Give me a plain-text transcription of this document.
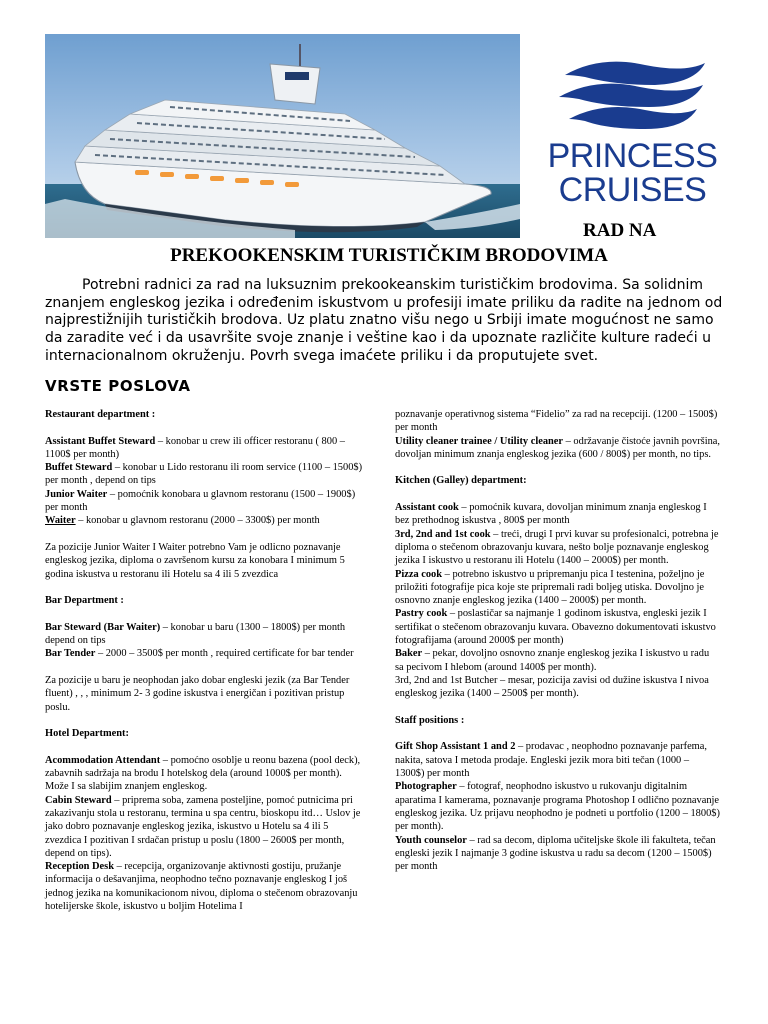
PRINCESS
CRUISES
RAD NA
PREKOOKENSKIM TURISTIČKIM BRODOVIMA

Potrebni radnici za rad na luksuznim prekookeanskim turističkim brodovima. Sa solidnim znanjem engleskog jezika i određenim iskustvom u profesiji imate priliku da radite na jednom od najprestižnijih turističkih brodova. Uz platu znatno višu nego u Srbiji imate mogućnost ne samo da zaradite već i da usavršite svoje znanje i veštine kao i da upoznate različite kulture radeći u internacionalnom okruženju. Povrh svega imaćete priliku i da proputujete svet.

VRSTE POSLOVA

Restaurant department :

Assistant Buffet Steward – konobar u crew ili officer restoranu ( 800 – 1100$ per month)

Buffet Steward – konobar u Lido restoranu ili room service (1100 – 1500$) per month , depend on tips

Junior Waiter – pomoćnik konobara u glavnom restoranu (1500 – 1900$) per month

Waiter – konobar u glavnom restoranu (2000 – 3300$) per month

Za pozicije Junior Waiter I Waiter potrebno Vam je odlicno poznavanje engleskog jezika, diploma o završenom kursu za konobara I minimum 5 godina iskustva u restoranu ili Hotelu sa 4 ili 5 zvezdica

Bar Department :

Bar Steward (Bar Waiter) – konobar u baru (1300 – 1800$) per month depend on tips

Bar Tender – 2000 – 3500$ per month , required certificate for bar tender

Za pozicije u baru je neophodan jako dobar engleski jezik (za Bar Tender fluent) , , , minimum 2- 3 godine iskustva i energičan i pozitivan pristup poslu.

Hotel Department:

Acommodation Attendant – pomoćno osoblje u reonu bazena (pool deck), zabavnih sadržaja na brodu I hotelskog dela (around 1000$ per month). Može I sa slabijim znanjem engleskog.

Cabin Steward – priprema soba, zamena posteljine, pomoć putnicima pri zakazivanju stola u restoranu, termina u spa centru, bioskopu itd… Uslov je jako dobro poznavanje engleskog jezika, iskustvo u Hotelu sa 4 ili 5 zvezdica I pozitivan I srdačan pristup u poslu (1800 – 2600$ per month, depend on tips).

Reception Desk – recepcija, organizovanje aktivnosti gostiju, pružanje informacija o dešavanjima, neophodno tečno poznavanje engleskog I još jednog jezika na komunikacionom nivou, diploma o stečenom obrazovanju hotelijerske škole, iskustvo u boljim Hotelima I

poznavanje operativnog sistema “Fidelio” za rad na recepciji. (1200 – 1500$) per month

Utility cleaner trainee / Utility cleaner – održavanje čistoće javnih površina, dovoljan minimum znanja engleskog jezika (600 / 800$) per month, no tips.

Kitchen (Galley) department:

Assistant cook – pomoćnik kuvara, dovoljan minimum znanja engleskog I bez prethodnog iskustva , 800$ per month

3rd, 2nd and 1st cook – treći, drugi I prvi kuvar su profesionalci, potrebna je diploma o stečenom obrazovanju kuvara, nešto bolje poznavanje engleskog jezika I iskustvo u restoranu ili Hotelu (1400 – 2000$) per month.

Pizza cook – potrebno iskustvo u pripremanju pica I testenina, poželjno je priložiti fotografije pica koje ste pripremali radi boljeg utiska. Dovoljno je osnovno znanje engleskog jezika (1400 – 2000$) per month.

Pastry cook – poslastičar sa najmanje 1 godinom iskustva, engleski jezik I sertifikat o stečenom obrazovanju kuvara. Obavezno dokumentovati iskustvo fotografijama (around 2000$ per month)

Baker – pekar, dovoljno osnovno znanje engleskog jezika I iskustvo u radu sa pecivom I hlebom (around 1400$ per month).

3rd, 2nd and 1st Butcher – mesar, pozicija zavisi od dužine iskustva I nivoa engleskog jezika (1400 – 2500$ per month).

Staff positions :

Gift Shop Assistant 1 and 2 – prodavac , neophodno poznavanje parfema, nakita, satova I metoda prodaje. Engleski jezik mora biti tečan (1000 – 1300$) per month

Photographer – fotograf, neophodno iskustvo u rukovanju digitalnim aparatima I kamerama, poznavanje programa Photoshop I odlično poznavanje engleskog jezika. Uz prijavu neophodno je podneti u portfolio (1200 – 1800$) per month).

Youth counselor – rad sa decom, diploma učiteljske škole ili fakulteta, tečan engleski jezik I najmanje 3 godine iskustva u radu sa decom (1200 – 1500$) per month
